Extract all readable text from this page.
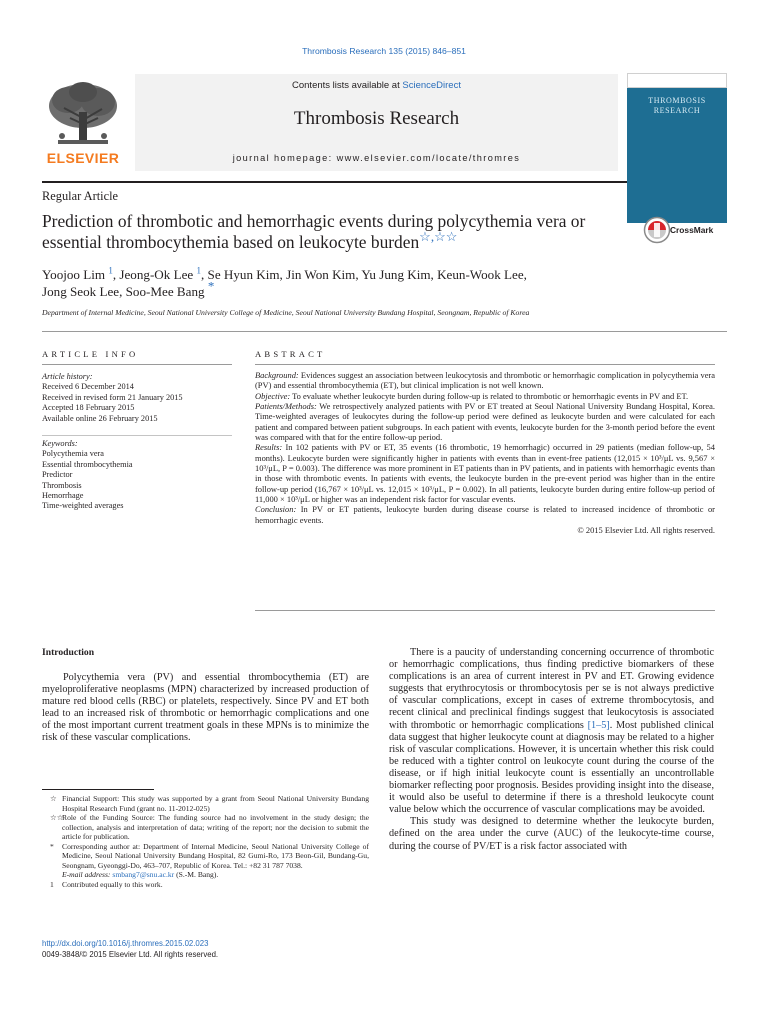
Thrombosis Research 135 (2015) 846–851
Contents lists available at ScienceDirect
Thrombosis Research
journal homepage: www.elsevier.com/locate/thromres
ELSEVIER
THROMBOSIS
RESEARCH
Regular Article
Prediction of thrombotic and hemorrhagic events during polycythemia vera or essential thrombocythemia based on leukocyte burden☆,☆☆	CrossMark
Yoojoo Lim $^1$, Jeong-Ok Lee $^1$, Se Hyun Kim, Jin Won Kim, Yu Jung Kim, Keun-Wook Lee,
Jong Seok Lee, Soo-Mee Bang *
Department of Internal Medicine, Seoul National University College of Medicine, Seoul National University Bundang Hospital, Seongnam, Republic of Korea
ARTICLE INFO
Article history:
Received 6 December 2014
Received in revised form 21 January 2015
Accepted 18 February 2015
Available online 26 February 2015
Keywords:
Polycythemia vera
Essential thrombocythemia
Predictor
Thrombosis
Hemorrhage
Time-weighted averages
ABSTRACT

Background: Evidences suggest an association between leukocytosis and thrombotic or hemorrhagic complication in polycythemia vera (PV) and essential thrombocythemia (ET), but clinical implication is not well known.

Objective: To evaluate whether leukocyte burden during follow-up is related to thrombotic or hemorrhagic events in PV and ET.

Patients/Methods: We retrospectively analyzed patients with PV or ET treated at Seoul National University Bundang Hospital, Korea. Time-weighted averages of leukocytes during the follow-up period were defined as leukocyte burden and were calculated for each patient and compared between patient subgroups. In each patient with events, leukocyte burden for the 3-month period before the event was compared with that for the entire follow-up period.

Results: In 102 patients with PV or ET, 35 events (16 thrombotic, 19 hemorrhagic) occurred in 29 patients (median follow-up, 54 months). Leukocyte burden were significantly higher in patients with events than in event-free patients (12,015 × 10³/μL vs. 9,567 × 10³/μL, P = 0.003). The difference was more prominent in ET patients than in PV patients, and in patients with hemorrhagic events than in those with thrombotic events. In patients with events, the leukocyte burden in the pre-event period was higher than in the entire follow-up period (16,767 × 10³/μL vs. 12,015 × 10³/μL, P = 0.002). In all patients, leukocyte burden during entire follow-up period of 11,000 × 10³/μL or higher was an independent risk factor for vascular events.

Conclusion: In PV or ET patients, leukocyte burden during disease course is related to increased incidence of thrombotic or hemorrhagic events.

© 2015 Elsevier Ltd. All rights reserved.

Introduction

Polycythemia vera (PV) and essential thrombocythemia (ET) are myeloproliferative neoplasms (MPN) characterized by increased production of mature red blood cells (RBC) or platelets, respectively. Since PV and ET both lead to an increased risk of thrombotic or hemorrhagic complications and one of the most important current treatment goals in these MPNs is to minimize the risk of these vascular complications.

There is a paucity of understanding concerning occurrence of thrombotic or hemorrhagic complications, thus finding predictive biomarkers of these complications is an area of current interest in PV and ET. Growing evidence suggests that erythrocytosis or thrombocytosis per se is not always predictive of vascular complications, except in cases of extreme thrombocytosis, and recent clinical and preclinical findings suggest that leukocytosis is associated with thrombotic or hemorrhagic complications [1–5]. Most published clinical data suggest that higher leukocyte count at diagnosis may be related to a higher risk of vascular complications. However, it is uncertain whether this risk could be reduced with a tighter control on leukocyte count during the course of the disease, or if high initial leukocyte count is essentially an uncontrollable biomarker reflecting poor prognosis. Besides providing insight into the disease, it would also be useful to determine if there is a threshold leukocyte count value below which the occurrence of vascular complications may be avoided.

This study was designed to determine whether the leukocyte burden, defined on the area under the curve (AUC) of the leukocyte-time course, during the course of PV/ET is a risk factor associated with

☆ Financial Support: This study was supported by a grant from Seoul National University Bundang Hospital Research Fund (grant no. 11-2012-025)

☆☆Role of the Funding Source: The funding source had no involvement in the study design; the collection, analysis and interpretation of data; writing of the report; nor the decision to submit the article for publication.

* Corresponding author at: Department of Internal Medicine, Seoul National University College of Medicine, Seoul National University Bundang Hospital, 82 Gumi-Ro, 173 Beon-Gil, Bundang-Gu, Seongnam, Gyeonggi-Do, 463–707, Republic of Korea. Tel.: +82 31 787 7038.

E-mail address: smbang7@snu.ac.kr (S.-M. Bang).

1 Contributed equally to this work.

http://dx.doi.org/10.1016/j.thromres.2015.02.023
0049-3848/© 2015 Elsevier Ltd. All rights reserved.
